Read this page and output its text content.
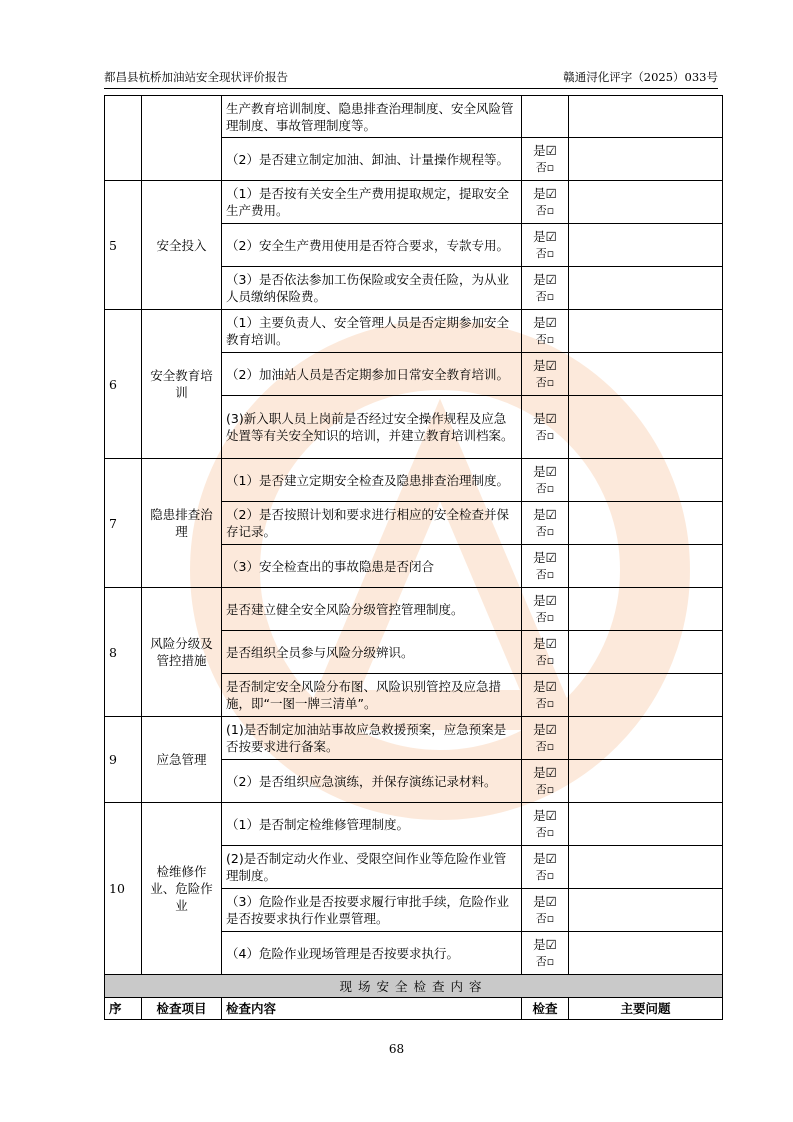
都昌县杭桥加油站安全现状评价报告	赣通浔化评字（2025）033号
		生产教育培训制度、隐患排查治理制度、安全风险管理制度、事故管理制度等。		
		（2）是否建立制定加油、卸油、计量操作规程等。	是☑
否▫	

5	安全投入	（1）是否按有关安全生产费用提取规定，提取安全生产费用。	是☑
否▫	

		（2）安全生产费用使用是否符合要求，专款专用。	是☑
否▫	

		（3）是否依法参加工伤保险或安全责任险，为从业人员缴纳保险费。	是☑
否▫	

6	安全教育培训	（1）主要负责人、安全管理人员是否定期参加安全教育培训。	是☑
否▫	

		（2）加油站人员是否定期参加日常安全教育培训。	是☑
否▫	

		(3)新入职人员上岗前是否经过安全操作规程及应急处置等有关安全知识的培训，并建立教育培训档案。	是☑
否▫	

7	隐患排查治理	（1）是否建立定期安全检查及隐患排查治理制度。	是☑
否▫	

		（2）是否按照计划和要求进行相应的安全检查并保存记录。	是☑
否▫	

		（3）安全检查出的事故隐患是否闭合	是☑
否▫	

8	风险分级及管控措施	是否建立健全安全风险分级管控管理制度。	是☑
否▫	

		是否组织全员参与风险分级辨识。	是☑
否▫	

		是否制定安全风险分布图、风险识别管控及应急措施，即“一图一牌三清单”。	是☑
否▫	

9	应急管理	(1)是否制定加油站事故应急救援预案，应急预案是否按要求进行备案。	是☑
否▫	

		（2）是否组织应急演练，并保存演练记录材料。	是☑
否▫	

10	检维修作业、危险作业	（1）是否制定检维修管理制度。	是☑
否▫	

		(2)是否制定动火作业、受限空间作业等危险作业管理制度。	是☑
否▫	

		（3）危险作业是否按要求履行审批手续，危险作业是否按要求执行作业票管理。	是☑
否▫	

		（4）危险作业现场管理是否按要求执行。	是☑
否▫	

现场安全检查内容				
序	检查项目	检查内容	检查	主要问题
68
